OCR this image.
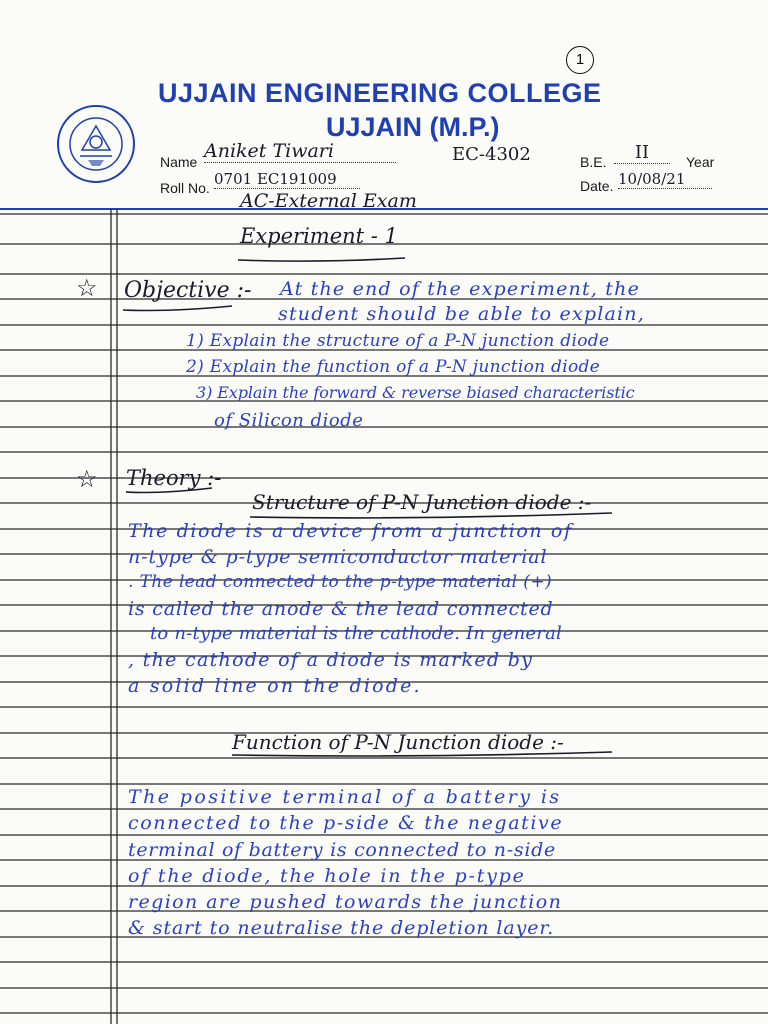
1
UJJAIN ENGINEERING COLLEGE
UJJAIN (M.P.)
Name Aniket Tiwari	EC-4302	B.E.	II	Year
Roll No. 0701 EC191009	Date. 10/08/21
AC-External Exam
Experiment - 1
☆ Objective :- At the end of the experiment, the
student should be able to explain,
1) Explain the structure of a P-N junction diode
2) Explain the function of a P-N junction diode
3) Explain the forward & reverse biased characteristic
of Silicon diode
☆ Theory :-
Structure of P-N Junction diode :-
The diode is a device from a junction of
n-type & p-type semiconductor material
. The lead connected to the p-type material (+)
is called the anode & the lead connected
to n-type material is the cathode. In general
, the cathode of a diode is marked by
a solid line on the diode.
Function of P-N Junction diode :-
The positive terminal of a battery is
connected to the p-side & the negative
terminal of battery is connected to n-side
of the diode, the hole in the p-type
region are pushed towards the junction
& start to neutralise the depletion layer.
